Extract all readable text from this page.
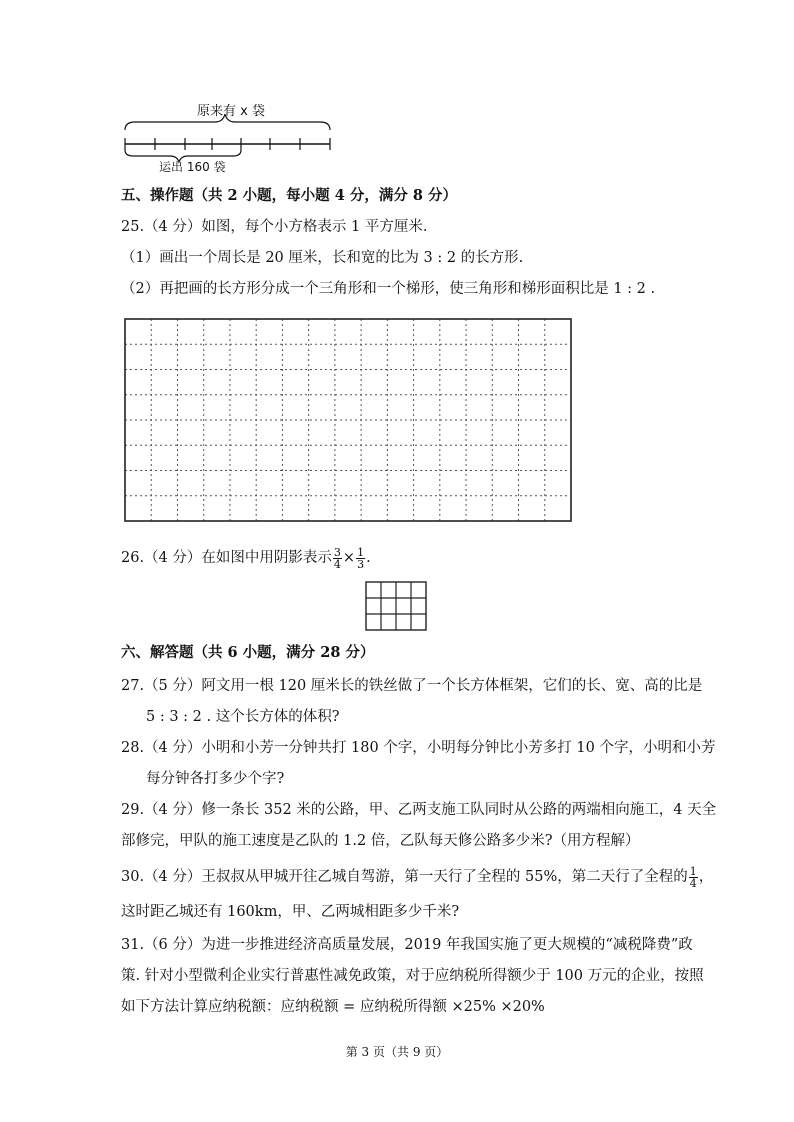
原来有 x 袋
运出 160 袋
五、操作题（共 2 小题，每小题 4 分，满分 8 分）
25.（4 分）如图，每个小方格表示 1 平方厘米.
（1）画出一个周长是 20 厘米，长和宽的比为 3 : 2 的长方形.
（2）再把画的长方形分成一个三角形和一个梯形，使三角形和梯形面积比是 1 : 2 .
26.（4 分）在如图中用阴影表示 $\frac{3}{4} \times \frac{1}{3}$ .
六、解答题（共 6 小题，满分 28 分）
27.（5 分）阿文用一根 120 厘米长的铁丝做了一个长方体框架，它们的长、宽、高的比是
5 : 3 : 2 . 这个长方体的体积?
28.（4 分）小明和小芳一分钟共打 180 个字，小明每分钟比小芳多打 10 个字，小明和小芳
每分钟各打多少个字?
29.（4 分）修一条长 352 米的公路，甲、乙两支施工队同时从公路的两端相向施工，4 天全
部修完，甲队的施工速度是乙队的 1.2 倍，乙队每天修公路多少米?（用方程解）
30.（4 分）王叔叔从甲城开往乙城自驾游，第一天行了全程的 55%，第二天行了全程的 $\frac{1}{4}$ ，
这时距乙城还有 160km，甲、乙两城相距多少千米?
31.（6 分）为进一步推进经济高质量发展，2019 年我国实施了更大规模的“减税降费”政
策. 针对小型微利企业实行普惠性减免政策，对于应纳税所得额少于 100 万元的企业，按照
如下方法计算应纳税额：应纳税额 = 应纳税所得额 ×25% ×20%
第 3 页（共 9 页）
